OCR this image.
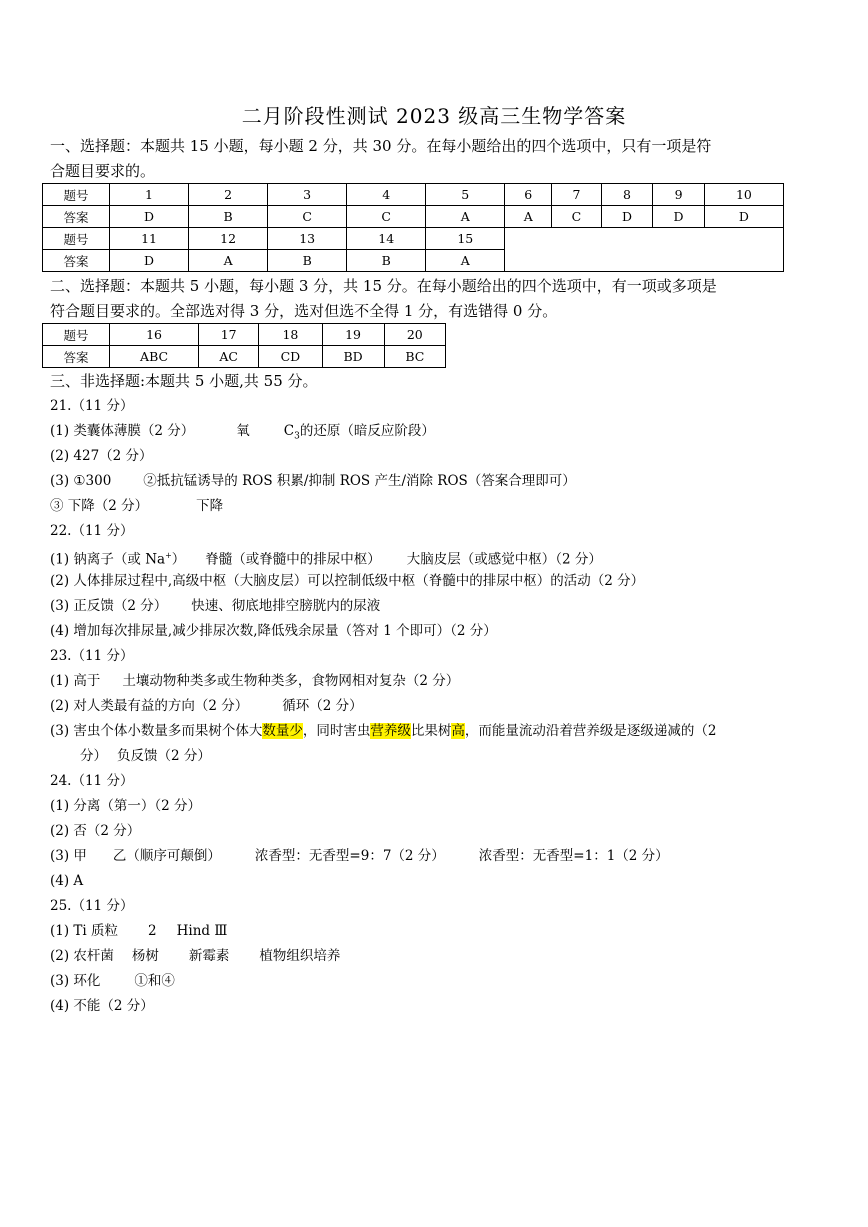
二月阶段性测试 2023 级高三生物学答案
一、选择题：本题共 15 小题，每小题 2 分，共 30 分。在每小题给出的四个选项中，只有一项是符
合题目要求的。
题号	1	2	3	4	5	6	7	8	9	10
答案	D	B	C	C	A	A	C	D	D	D
题号	11	12	13	14	15					
答案	D	A	B	B	A					
二、选择题：本题共 5 小题，每小题 3 分，共 15 分。在每小题给出的四个选项中，有一项或多项是
符合题目要求的。全部选对得 3 分，选对但选不全得 1 分，有选错得 0 分。
题号	16	17	18	19	20
答案	ABC	AC	CD	BD	BC
三、非选择题:本题共 5 小题,共 55 分。
21.（11 分）
(1) 类囊体薄膜（2 分）	氧	$C_3$的还原（暗反应阶段）
(2) 427（2 分）
(3) ①300 ②抵抗锰诱导的 ROS 积累/抑制 ROS 产生/消除 ROS（答案合理即可）
③ 下降（2 分）	下降
22.（11 分）
(1) 钠离子（或 Na+） 脊髓（或脊髓中的排尿中枢） 大脑皮层（或感觉中枢）（2 分）
(2) 人体排尿过程中,高级中枢（大脑皮层）可以控制低级中枢（脊髓中的排尿中枢）的活动（2 分）
(3) 正反馈（2 分） 快速、彻底地排空膀胱内的尿液
(4) 增加每次排尿量,减少排尿次数,降低残余尿量（答对 1 个即可）（2 分）
23.（11 分）
(1) 高于 土壤动物种类多或生物种类多，食物网相对复杂（2 分）
(2) 对人类最有益的方向（2 分）	循环（2 分）
(3) 害虫个体小数量多而果树个体大数量少，同时害虫营养级比果树高，而能量流动沿着营养级是逐级递减的（2
分） 负反馈（2 分）
24.（11 分）
(1) 分离（第一）（2 分）
(2) 否（2 分）
(3) 甲 乙（顺序可颠倒）	浓香型：无香型=9：7（2 分）	浓香型：无香型=1：1（2 分）
(4) A
25.（11 分）
(1) Ti 质粒 2 Hind Ⅲ
(2) 农杆菌 杨树 新霉素 植物组织培养
(3) 环化	①和④
(4) 不能（2 分）
